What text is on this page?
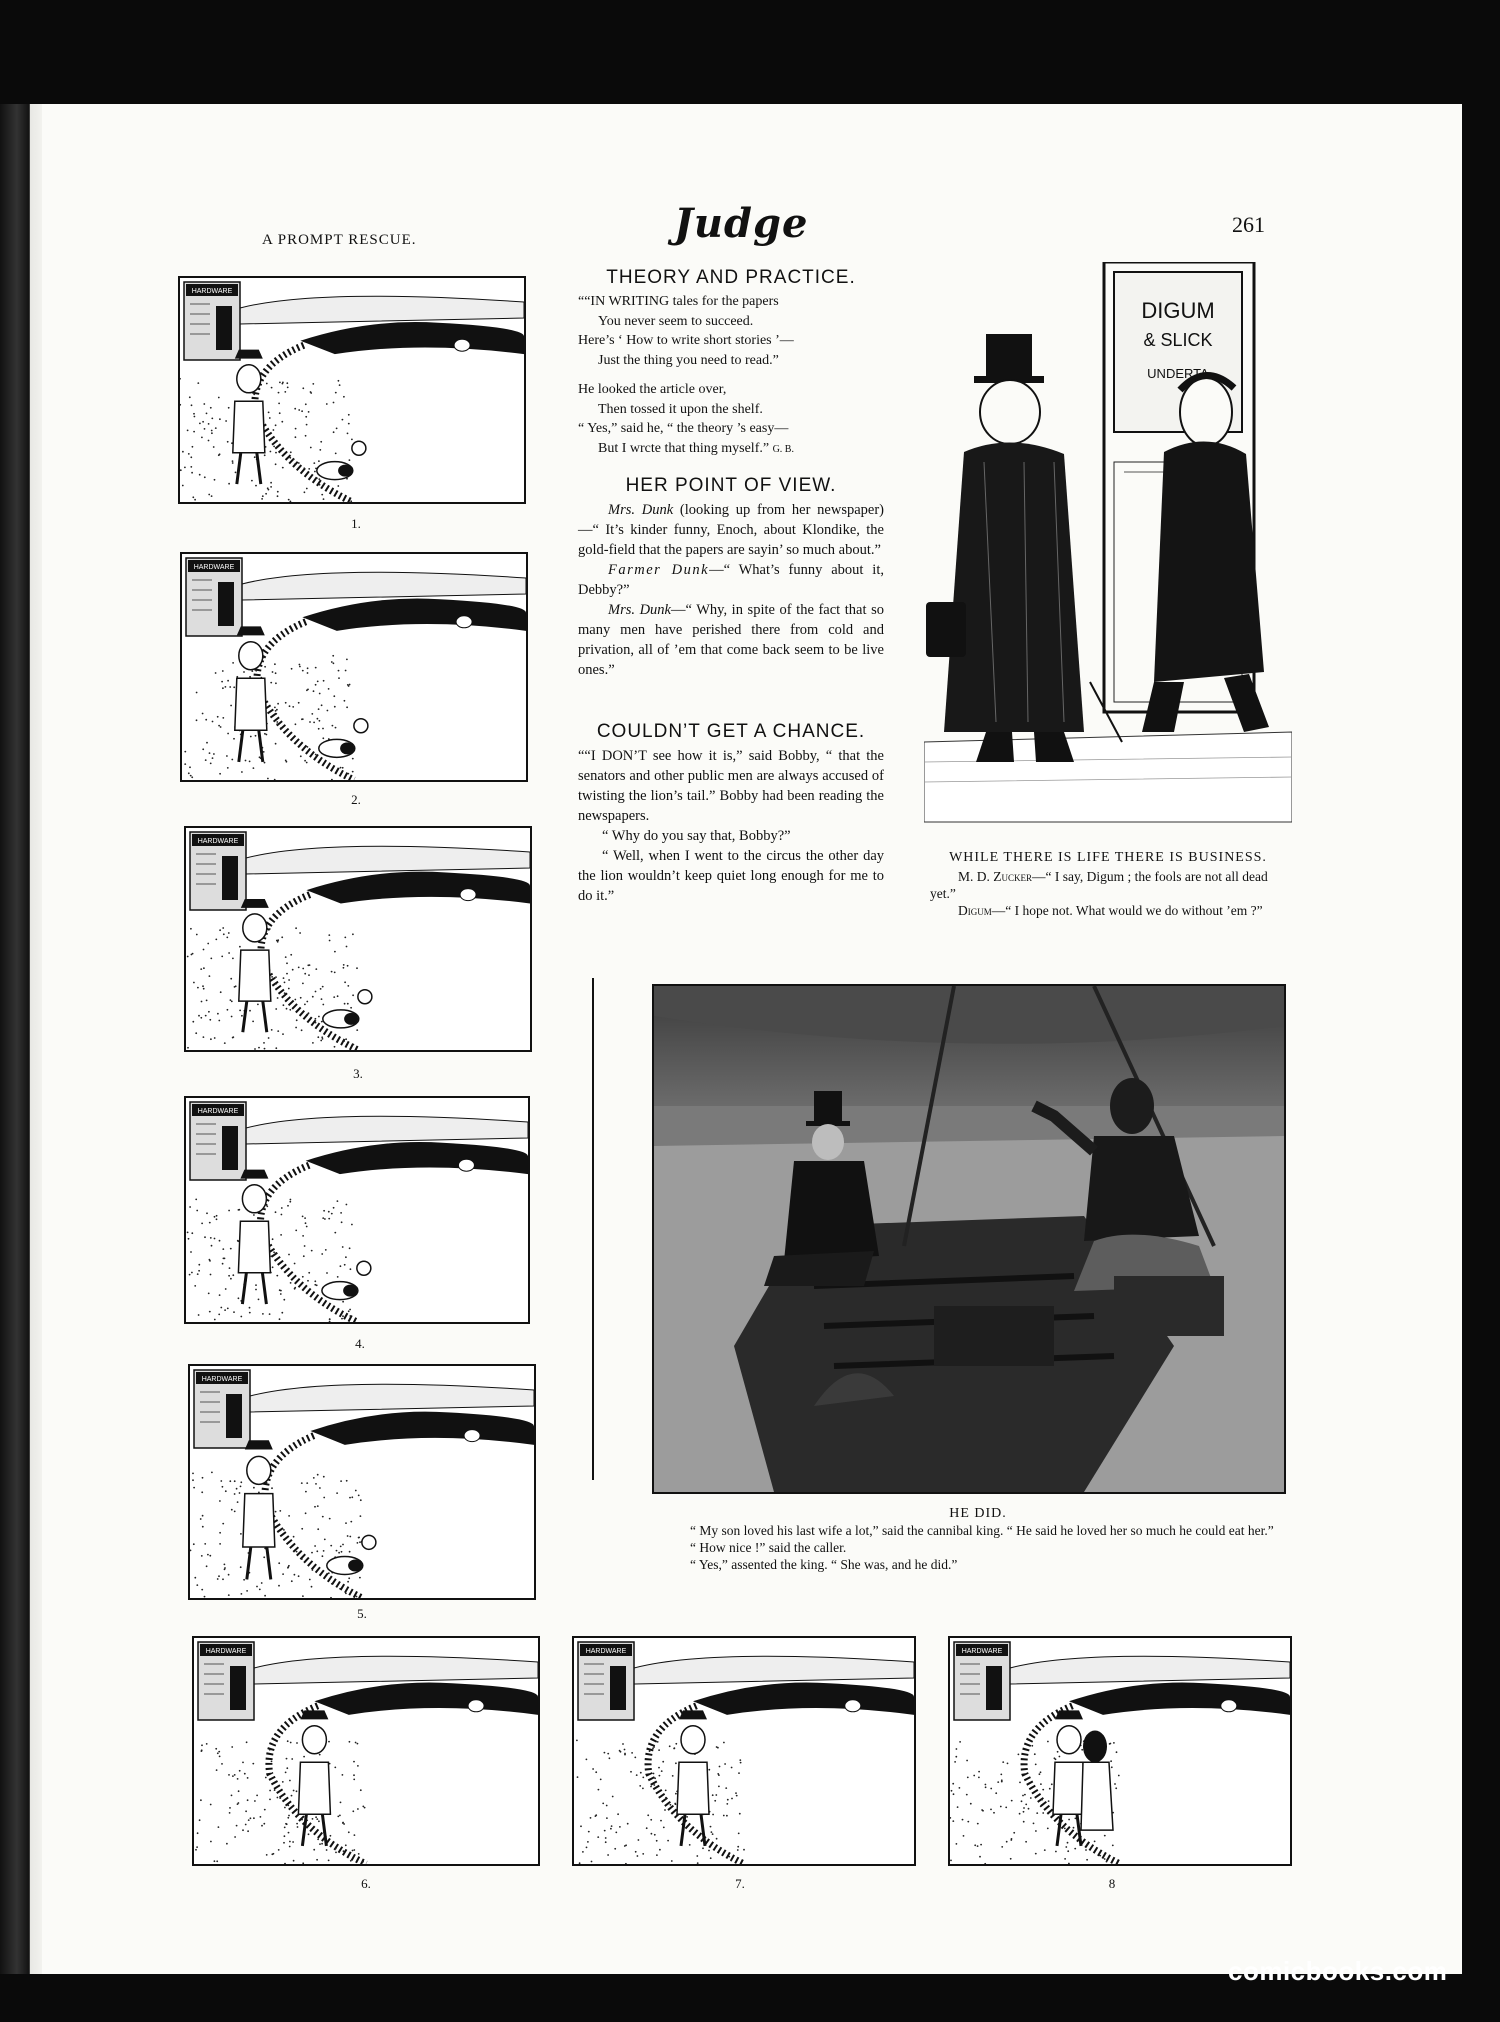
Judge	261
A PROMPT RESCUE.
HARDWARE
1.
HARDWARE
2.
HARDWARE
3.
HARDWARE
4.
HARDWARE
5.
HARDWARE
6.
HARDWARE
7.
HARDWARE
8
THEORY AND PRACTICE.
““IN WRITING tales for the papers
You never seem to succeed.
Here’s ‘ How to write short stories ’—
Just the thing you need to read.”
He looked the article over,
Then tossed it upon the shelf.
“ Yes,” said he, “ the theory ’s easy—
But I wrcte that thing myself.” G. B.
HER POINT OF VIEW.

Mrs. Dunk (looking up from her newspaper)—“ It’s kinder funny, Enoch, about Klondike, the gold-field that the papers are sayin’ so much about.”

Farmer Dunk—“ What’s funny about it, Debby?”

Mrs. Dunk—“ Why, in spite of the fact that so many men have perished there from cold and privation, all of ’em that come back seem to be live ones.”

COULDN’T GET A CHANCE.

““I DON’T see how it is,” said Bobby, “ that the senators and other public men are always accused of twisting the lion’s tail.” Bobby had been reading the newspapers.

“ Why do you say that, Bobby?”

“ Well, when I went to the circus the other day the lion wouldn’t keep quiet long enough for me to do it.”

DIGUM
& SLICK
UNDERTA
WHILE THERE IS LIFE THERE IS BUSINESS.
M. D. Zucker—“ I say, Digum ; the fools are not all dead yet.”
Digum—“ I hope not. What would we do without ’em ?”
HE DID.
“ My son loved his last wife a lot,” said the cannibal king. “ He said he loved her so much he could eat her.”
“ How nice !” said the caller.
“ Yes,” assented the king. “ She was, and he did.”
comicbooks.com
